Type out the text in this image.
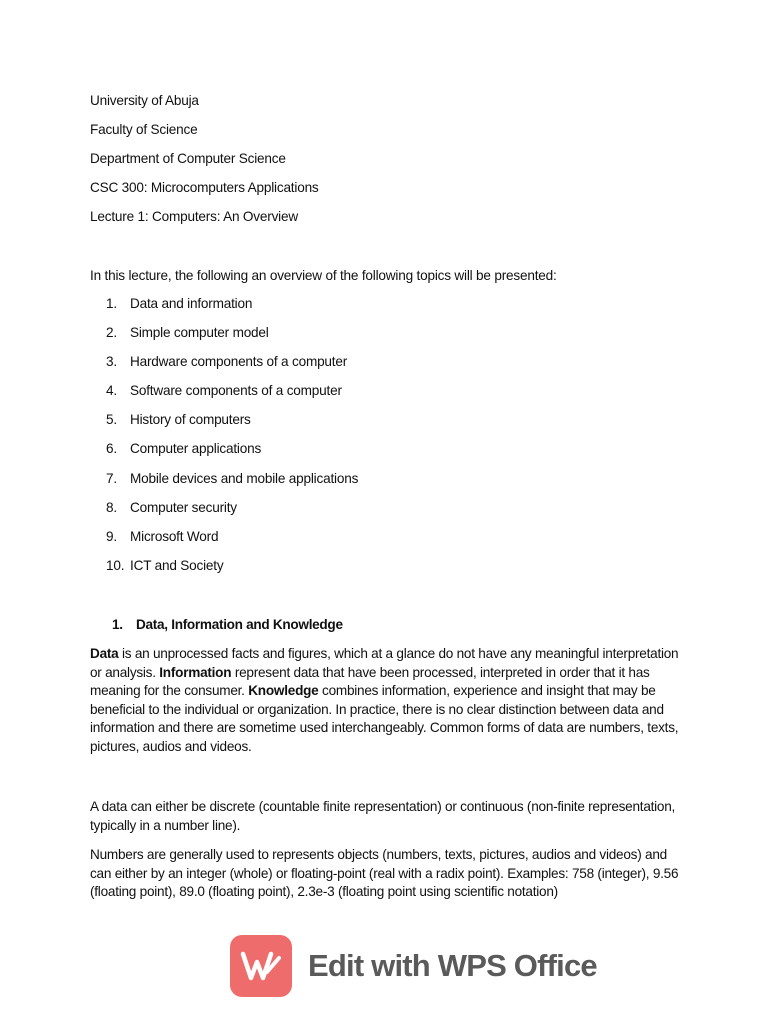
University of Abuja
Faculty of Science
Department of Computer Science
CSC 300: Microcomputers Applications
Lecture 1: Computers: An Overview
In this lecture, the following an overview of the following topics will be presented:
1. Data and information
2. Simple computer model
3. Hardware components of a computer
4. Software components of a computer
5. History of computers
6. Computer applications
7. Mobile devices and mobile applications
8. Computer security
9. Microsoft Word
10. ICT and Society
1. Data, Information and Knowledge
Data is an unprocessed facts and figures, which at a glance do not have any meaningful interpretation or analysis. Information represent data that have been processed, interpreted in order that it has meaning for the consumer. Knowledge combines information, experience and insight that may be beneficial to the individual or organization. In practice, there is no clear distinction between data and information and there are sometime used interchangeably. Common forms of data are numbers, texts, pictures, audios and videos.
A data can either be discrete (countable finite representation) or continuous (non-finite representation, typically in a number line).
Numbers are generally used to represents objects (numbers, texts, pictures, audios and videos) and can either by an integer (whole) or floating-point (real with a radix point). Examples: 758 (integer), 9.56 (floating point), 89.0 (floating point), 2.3e-3 (floating point using scientific notation)
Edit with WPS Office
